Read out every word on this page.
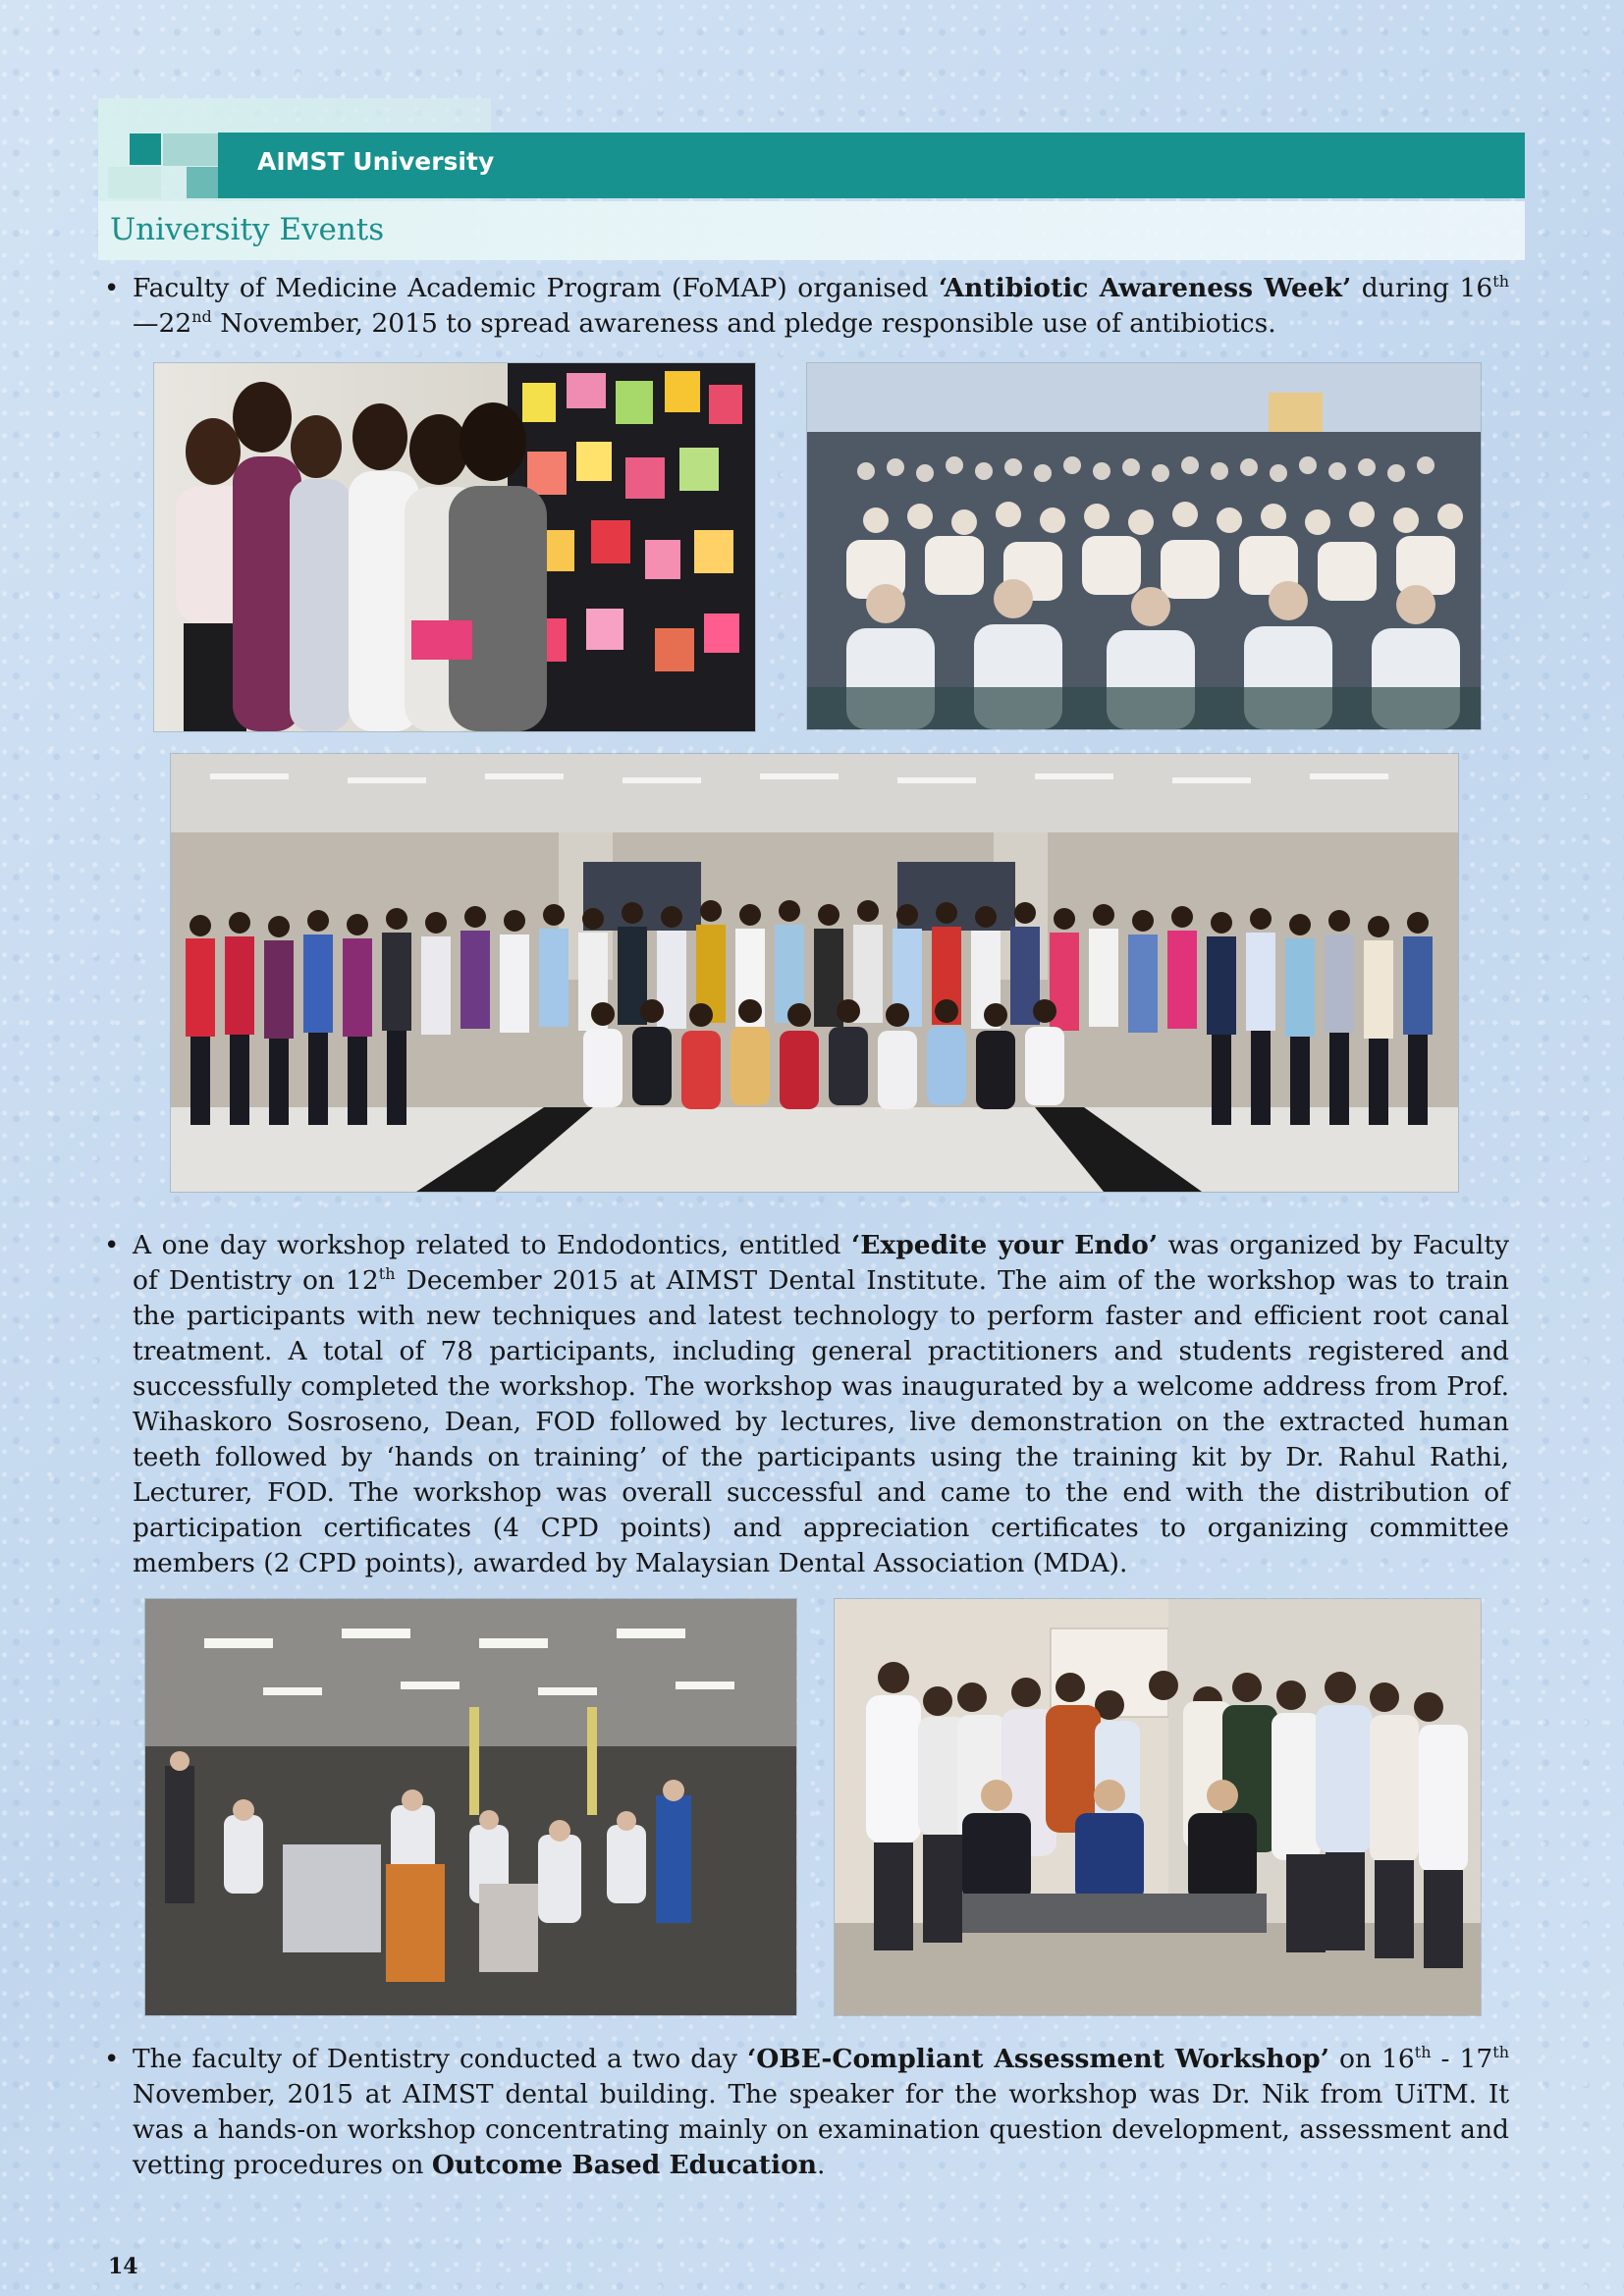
AIMST University
University Events
• Faculty of Medicine Academic Program (FoMAP) organised ‘Antibiotic Awareness Week’ during 16th—22nd November, 2015 to spread awareness and pledge responsible use of antibiotics.

• A one day workshop related to Endodontics, entitled ‘Expedite your Endo’ was organized by Faculty of Dentistry on 12th December 2015 at AIMST Dental Institute. The aim of the workshop was to train the participants with new techniques and latest technology to perform faster and efficient root canal treatment. A total of 78 participants, including general practitioners and students registered and successfully completed the workshop. The workshop was inaugurated by a welcome address from Prof. Wihaskoro Sosroseno, Dean, FOD followed by lectures, live demonstration on the extracted human teeth followed by ‘hands on training’ of the participants using the training kit by Dr. Rahul Rathi, Lecturer, FOD. The workshop was overall successful and came to the end with the distribution of participation certificates (4 CPD points) and appreciation certificates to organizing committee members (2 CPD points), awarded by Malaysian Dental Association (MDA).

• The faculty of Dentistry conducted a two day ‘OBE-Compliant Assessment Workshop’ on 16th - 17th November, 2015 at AIMST dental building. The speaker for the workshop was Dr. Nik from UiTM. It was a hands-on workshop concentrating mainly on examination question development, assessment and vetting procedures on Outcome Based Education.

14
